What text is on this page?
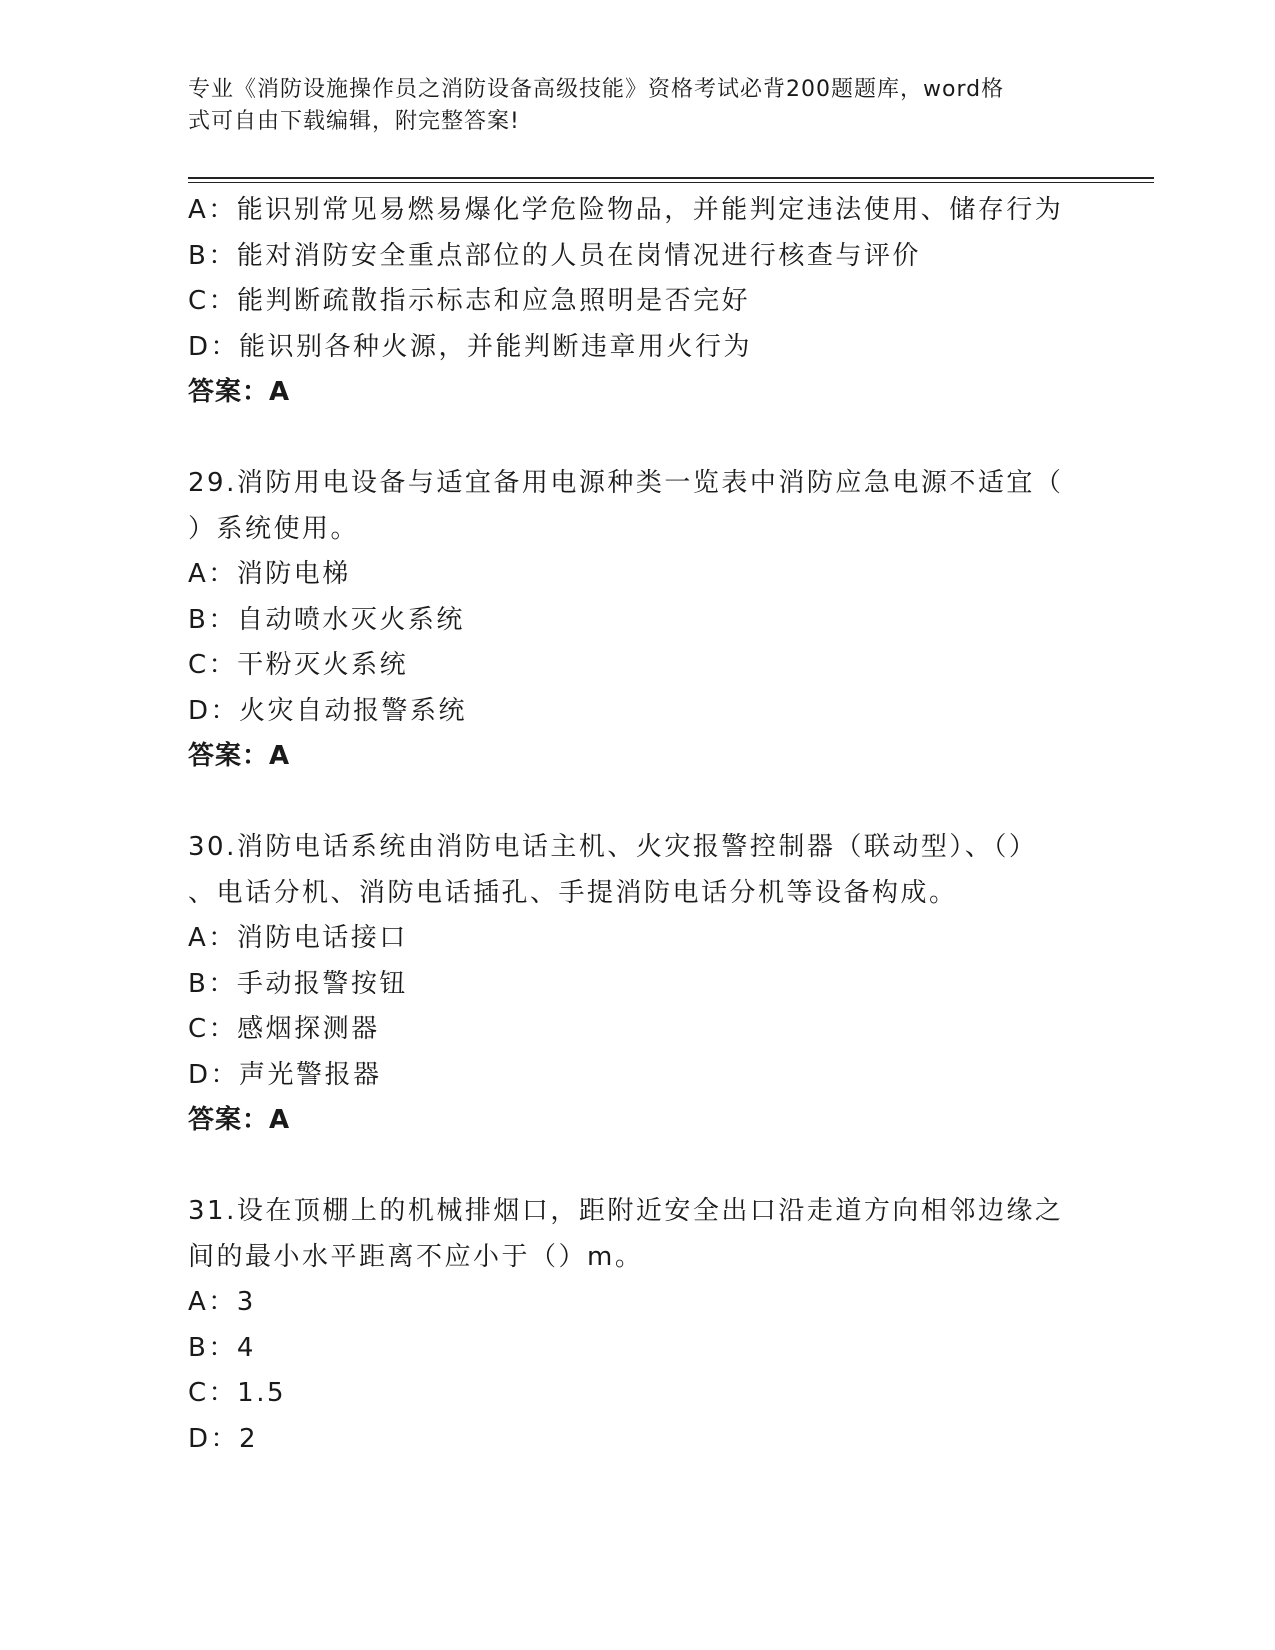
专业《消防设施操作员之消防设备高级技能》资格考试必背200题题库，word格
式可自由下载编辑，附完整答案!
A：能识别常见易燃易爆化学危险物品，并能判定违法使用、储存行为
B：能对消防安全重点部位的人员在岗情况进行核查与评价
C：能判断疏散指示标志和应急照明是否完好
D：能识别各种火源，并能判断违章用火行为
答案：A
29.消防用电设备与适宜备用电源种类一览表中消防应急电源不适宜（
）系统使用。
A：消防电梯
B：自动喷水灭火系统
C：干粉灭火系统
D：火灾自动报警系统
答案：A
30.消防电话系统由消防电话主机、火灾报警控制器（联动型）、（）
、电话分机、消防电话插孔、手提消防电话分机等设备构成。
A：消防电话接口
B：手动报警按钮
C：感烟探测器
D：声光警报器
答案：A
31.设在顶棚上的机械排烟口，距附近安全出口沿走道方向相邻边缘之
间的最小水平距离不应小于（）m。
A：3
B：4
C：1.5
D：2
